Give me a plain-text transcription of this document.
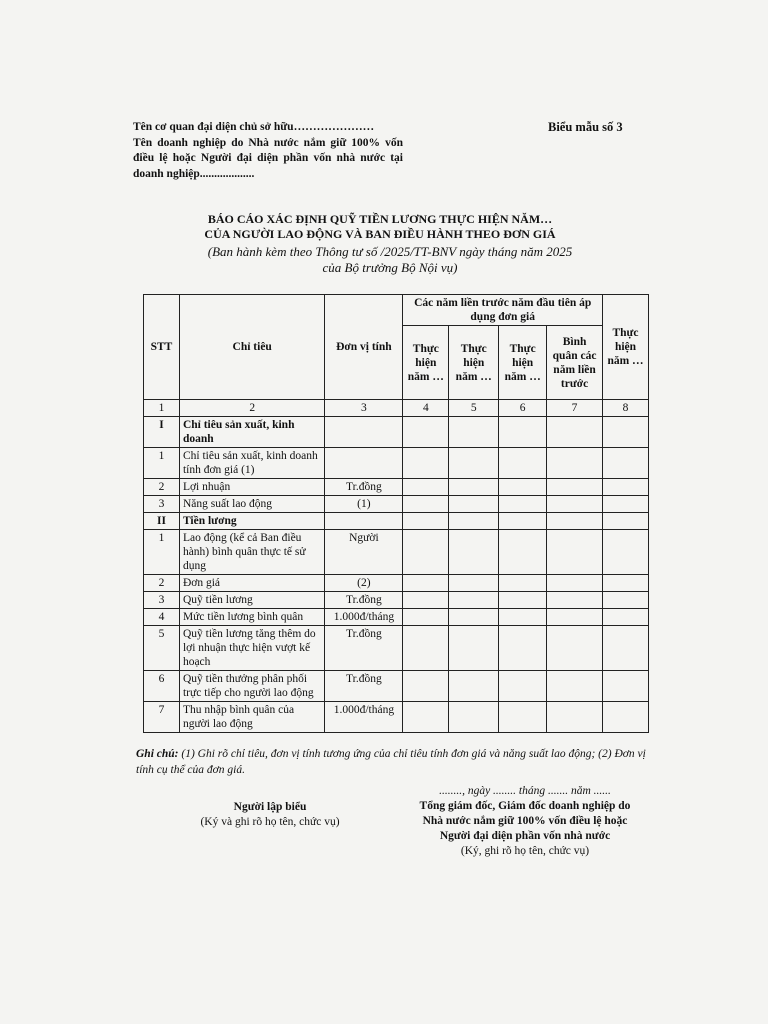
Tên cơ quan đại diện chủ sở hữu…………………
Tên doanh nghiệp do Nhà nước nắm giữ 100% vốn điều lệ hoặc Người đại diện phần vốn nhà nước tại doanh nghiệp...................
Biểu mẫu số 3
BÁO CÁO XÁC ĐỊNH QUỸ TIỀN LƯƠNG THỰC HIỆN NĂM…
CỦA NGƯỜI LAO ĐỘNG VÀ BAN ĐIỀU HÀNH THEO ĐƠN GIÁ
(Ban hành kèm theo Thông tư số /2025/TT-BNV ngày tháng năm 2025
của Bộ trưởng Bộ Nội vụ)
STT	Chỉ tiêu	Đơn vị tính	Các năm liền trước năm đầu tiên áp dụng đơn giá				Thực hiện năm …
			Thực hiện năm …	Thực hiện năm …	Thực hiện năm …	Bình quân các năm liền trước	
1	2	3	4	5	6	7	8
I	Chỉ tiêu sản xuất, kinh doanh						
1	Chỉ tiêu sản xuất, kinh doanh tính đơn giá (1)						
2	Lợi nhuận	Tr.đồng					
3	Năng suất lao động	(1)					
II	Tiền lương						
1	Lao động (kể cả Ban điều hành) bình quân thực tế sử dụng	Người					
2	Đơn giá	(2)					
3	Quỹ tiền lương	Tr.đồng					
4	Mức tiền lương bình quân	1.000đ/tháng					
5	Quỹ tiền lương tăng thêm do lợi nhuận thực hiện vượt kế hoạch	Tr.đồng					
6	Quỹ tiền thưởng phân phối trực tiếp cho người lao động	Tr.đồng					
7	Thu nhập bình quân của người lao động	1.000đ/tháng					
Ghi chú: (1) Ghi rõ chỉ tiêu, đơn vị tính tương ứng của chỉ tiêu tính đơn giá và năng suất lao động; (2) Đơn vị tính cụ thể của đơn giá.
Người lập biểu
(Ký và ghi rõ họ tên, chức vụ)
........, ngày ........ tháng ....... năm ......
Tổng giám đốc, Giám đốc doanh nghiệp do
Nhà nước nắm giữ 100% vốn điều lệ hoặc
Người đại diện phần vốn nhà nước
(Ký, ghi rõ họ tên, chức vụ)
